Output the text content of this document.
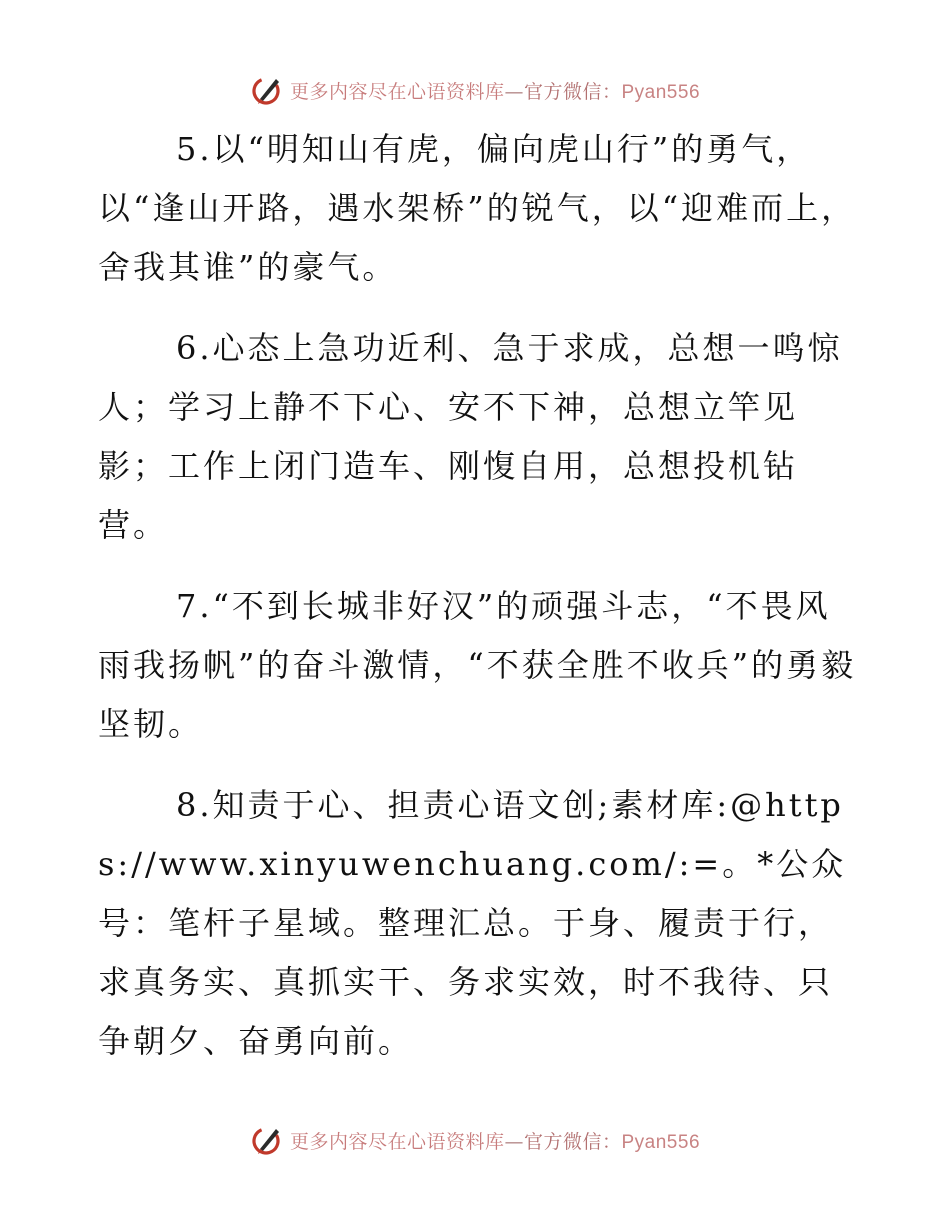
更多内容尽在心语资料库—官方微信：Pyan556

5.以“明知山有虎，偏向虎山行”的勇气，以“逢山开路，遇水架桥”的锐气，以“迎难而上，舍我其谁”的豪气。

6.心态上急功近利、急于求成，总想一鸣惊人；学习上静不下心、安不下神，总想立竿见影；工作上闭门造车、刚愎自用，总想投机钻营。

7.“不到长城非好汉”的顽强斗志，“不畏风雨我扬帆”的奋斗激情，“不获全胜不收兵”的勇毅坚韧。

8.知责于心、担责心语文创;素材库:@https://www.xinyuwenchuang.com/:=。*公众号：笔杆子星域。整理汇总。于身、履责于行，求真务实、真抓实干、务求实效，时不我待、只争朝夕、奋勇向前。

更多内容尽在心语资料库—官方微信：Pyan556
